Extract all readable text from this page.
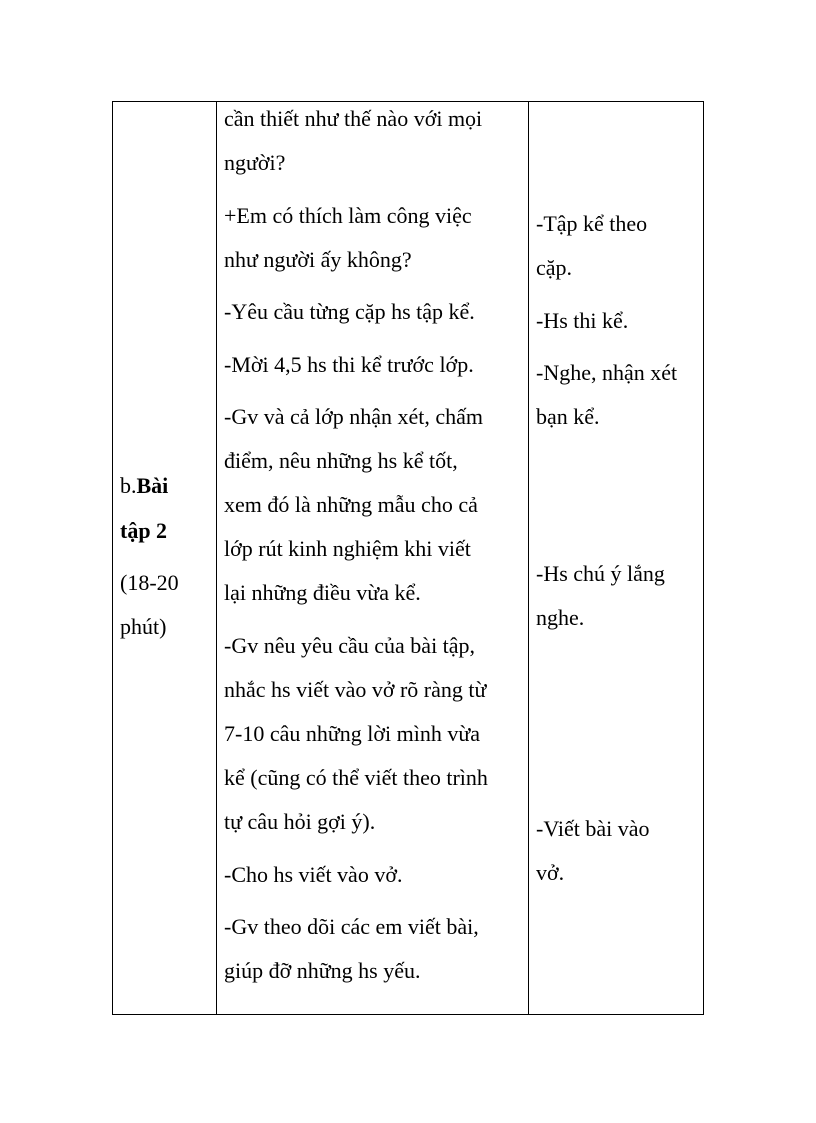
b.Bài
tập 2
(18-20
phút)
cần thiết như thế nào với mọi
người?
+Em có thích làm công việc
như người ấy không?
-Yêu cầu từng cặp hs tập kể.
-Mời 4,5 hs thi kể trước lớp.
-Gv và cả lớp nhận xét, chấm
điểm, nêu những hs kể tốt,
xem đó là những mẫu cho cả
lớp rút kinh nghiệm khi viết
lại những điều vừa kể.
-Gv nêu yêu cầu của bài tập,
nhắc hs viết vào vở rõ ràng từ
7-10 câu những lời mình vừa
kể (cũng có thể viết theo trình
tự câu hỏi gợi ý).
-Cho hs viết vào vở.
-Gv theo dõi các em viết bài,
giúp đỡ những hs yếu.
-Tập kể theo
cặp.
-Hs thi kể.
-Nghe, nhận xét
bạn kể.
-Hs chú ý lắng
nghe.
-Viết bài vào
vở.
